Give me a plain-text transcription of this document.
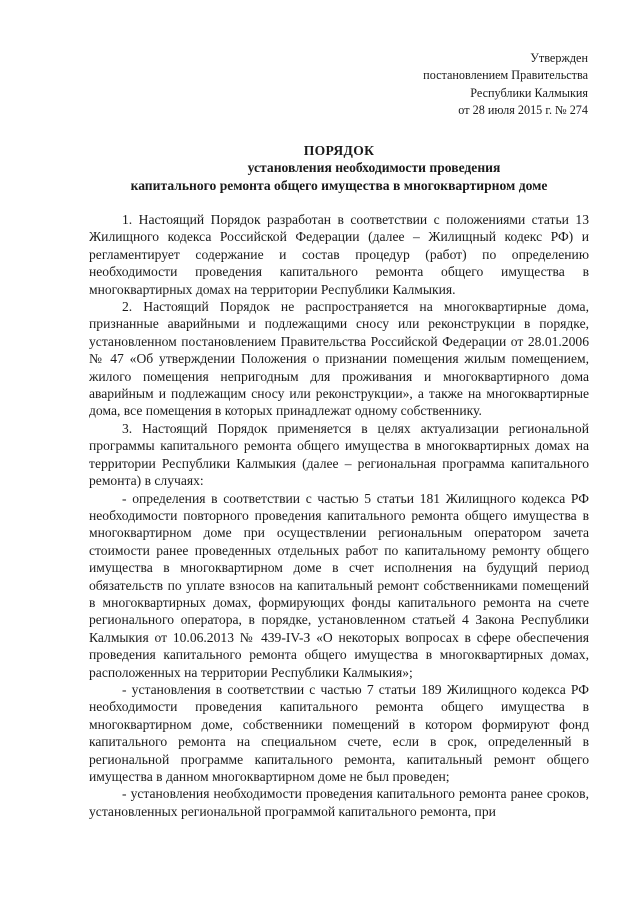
Утвержден
постановлением Правительства
Республики Калмыкия
от 28 июля 2015 г. № 274
ПОРЯДОК
установления необходимости проведения
капитального ремонта общего имущества в многоквартирном доме

1. Настоящий Порядок разработан в соответствии с положениями статьи 13 Жилищного кодекса Российской Федерации (далее – Жилищный кодекс РФ) и регламентирует содержание и состав процедур (работ) по определению необходимости проведения капитального ремонта общего имущества в многоквартирных домах на территории Республики Калмыкия.

2. Настоящий Порядок не распространяется на многоквартирные дома, признанные аварийными и подлежащими сносу или реконструкции в порядке, установленном постановлением Правительства Российской Федерации от 28.01.2006 № 47 «Об утверждении Положения о признании помещения жилым помещением, жилого помещения непригодным для проживания и многоквартирного дома аварийным и подлежащим сносу или реконструкции», а также на многоквартирные дома, все помещения в которых принадлежат одному собственнику.

3. Настоящий Порядок применяется в целях актуализации региональной программы капитального ремонта общего имущества в многоквартирных домах на территории Республики Калмыкия (далее – региональная программа капитального ремонта) в случаях:

- определения в соответствии с частью 5 статьи 181 Жилищного кодекса РФ необходимости повторного проведения капитального ремонта общего имущества в многоквартирном доме при осуществлении региональным оператором зачета стоимости ранее проведенных отдельных работ по капитальному ремонту общего имущества в многоквартирном доме в счет исполнения на будущий период обязательств по уплате взносов на капитальный ремонт собственниками помещений в многоквартирных домах, формирующих фонды капитального ремонта на счете регионального оператора, в порядке, установленном статьей 4 Закона Республики Калмыкия от 10.06.2013 № 439-IV-З «О некоторых вопросах в сфере обеспечения проведения капитального ремонта общего имущества в многоквартирных домах, расположенных на территории Республики Калмыкия»;

- установления в соответствии с частью 7 статьи 189 Жилищного кодекса РФ необходимости проведения капитального ремонта общего имущества в многоквартирном доме, собственники помещений в котором формируют фонд капитального ремонта на специальном счете, если в срок, определенный в региональной программе капитального ремонта, капитальный ремонт общего имущества в данном многоквартирном доме не был проведен;

- установления необходимости проведения капитального ремонта ранее сроков, установленных региональной программой капитального ремонта, при
